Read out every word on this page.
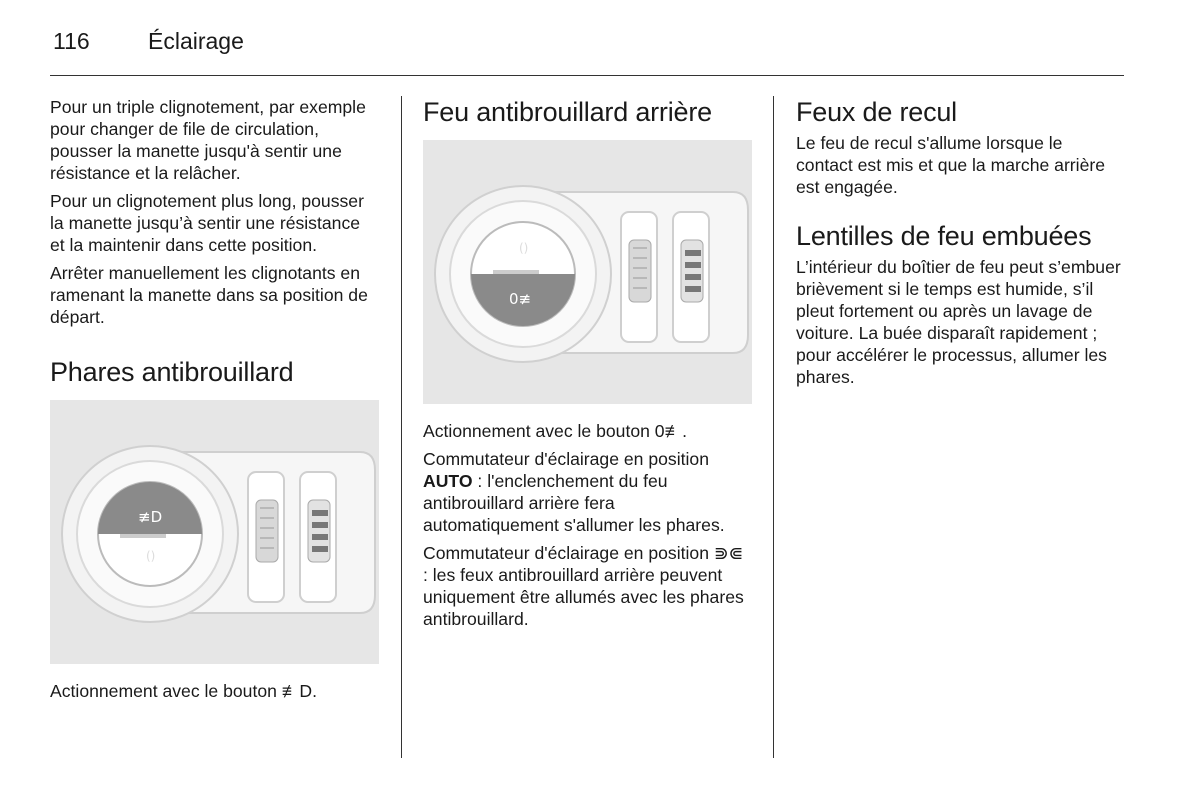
116	Éclairage

Pour un triple clignotement, par exemple pour changer de file de circulation, pousser la manette jusqu'à sentir une résistance et la relâcher.

Pour un clignotement plus long, pousser la manette jusqu’à sentir une résistance et la maintenir dans cette position.

Arrêter manuellement les clignotants en ramenant la manette dans sa position de départ.

Phares antibrouillard
≢D
()

Actionnement avec le bouton ≢D.

Feu antibrouillard arrière
0≢
()

Actionnement avec le bouton 0≢.

Commutateur d'éclairage en position
AUTO : l'enclenchement du feu antibrouillard arrière fera automatiquement s'allumer les phares.

Commutateur d'éclairage en position ⋑⋐ : les feux antibrouillard arrière peuvent uniquement être allumés avec les phares antibrouillard.

Feux de recul

Le feu de recul s'allume lorsque le contact est mis et que la marche arrière est engagée.

Lentilles de feu embuées

L’intérieur du boîtier de feu peut s’embuer brièvement si le temps est humide, s’il pleut fortement ou après un lavage de voiture. La buée disparaît rapidement ; pour accélérer le processus, allumer les phares.
